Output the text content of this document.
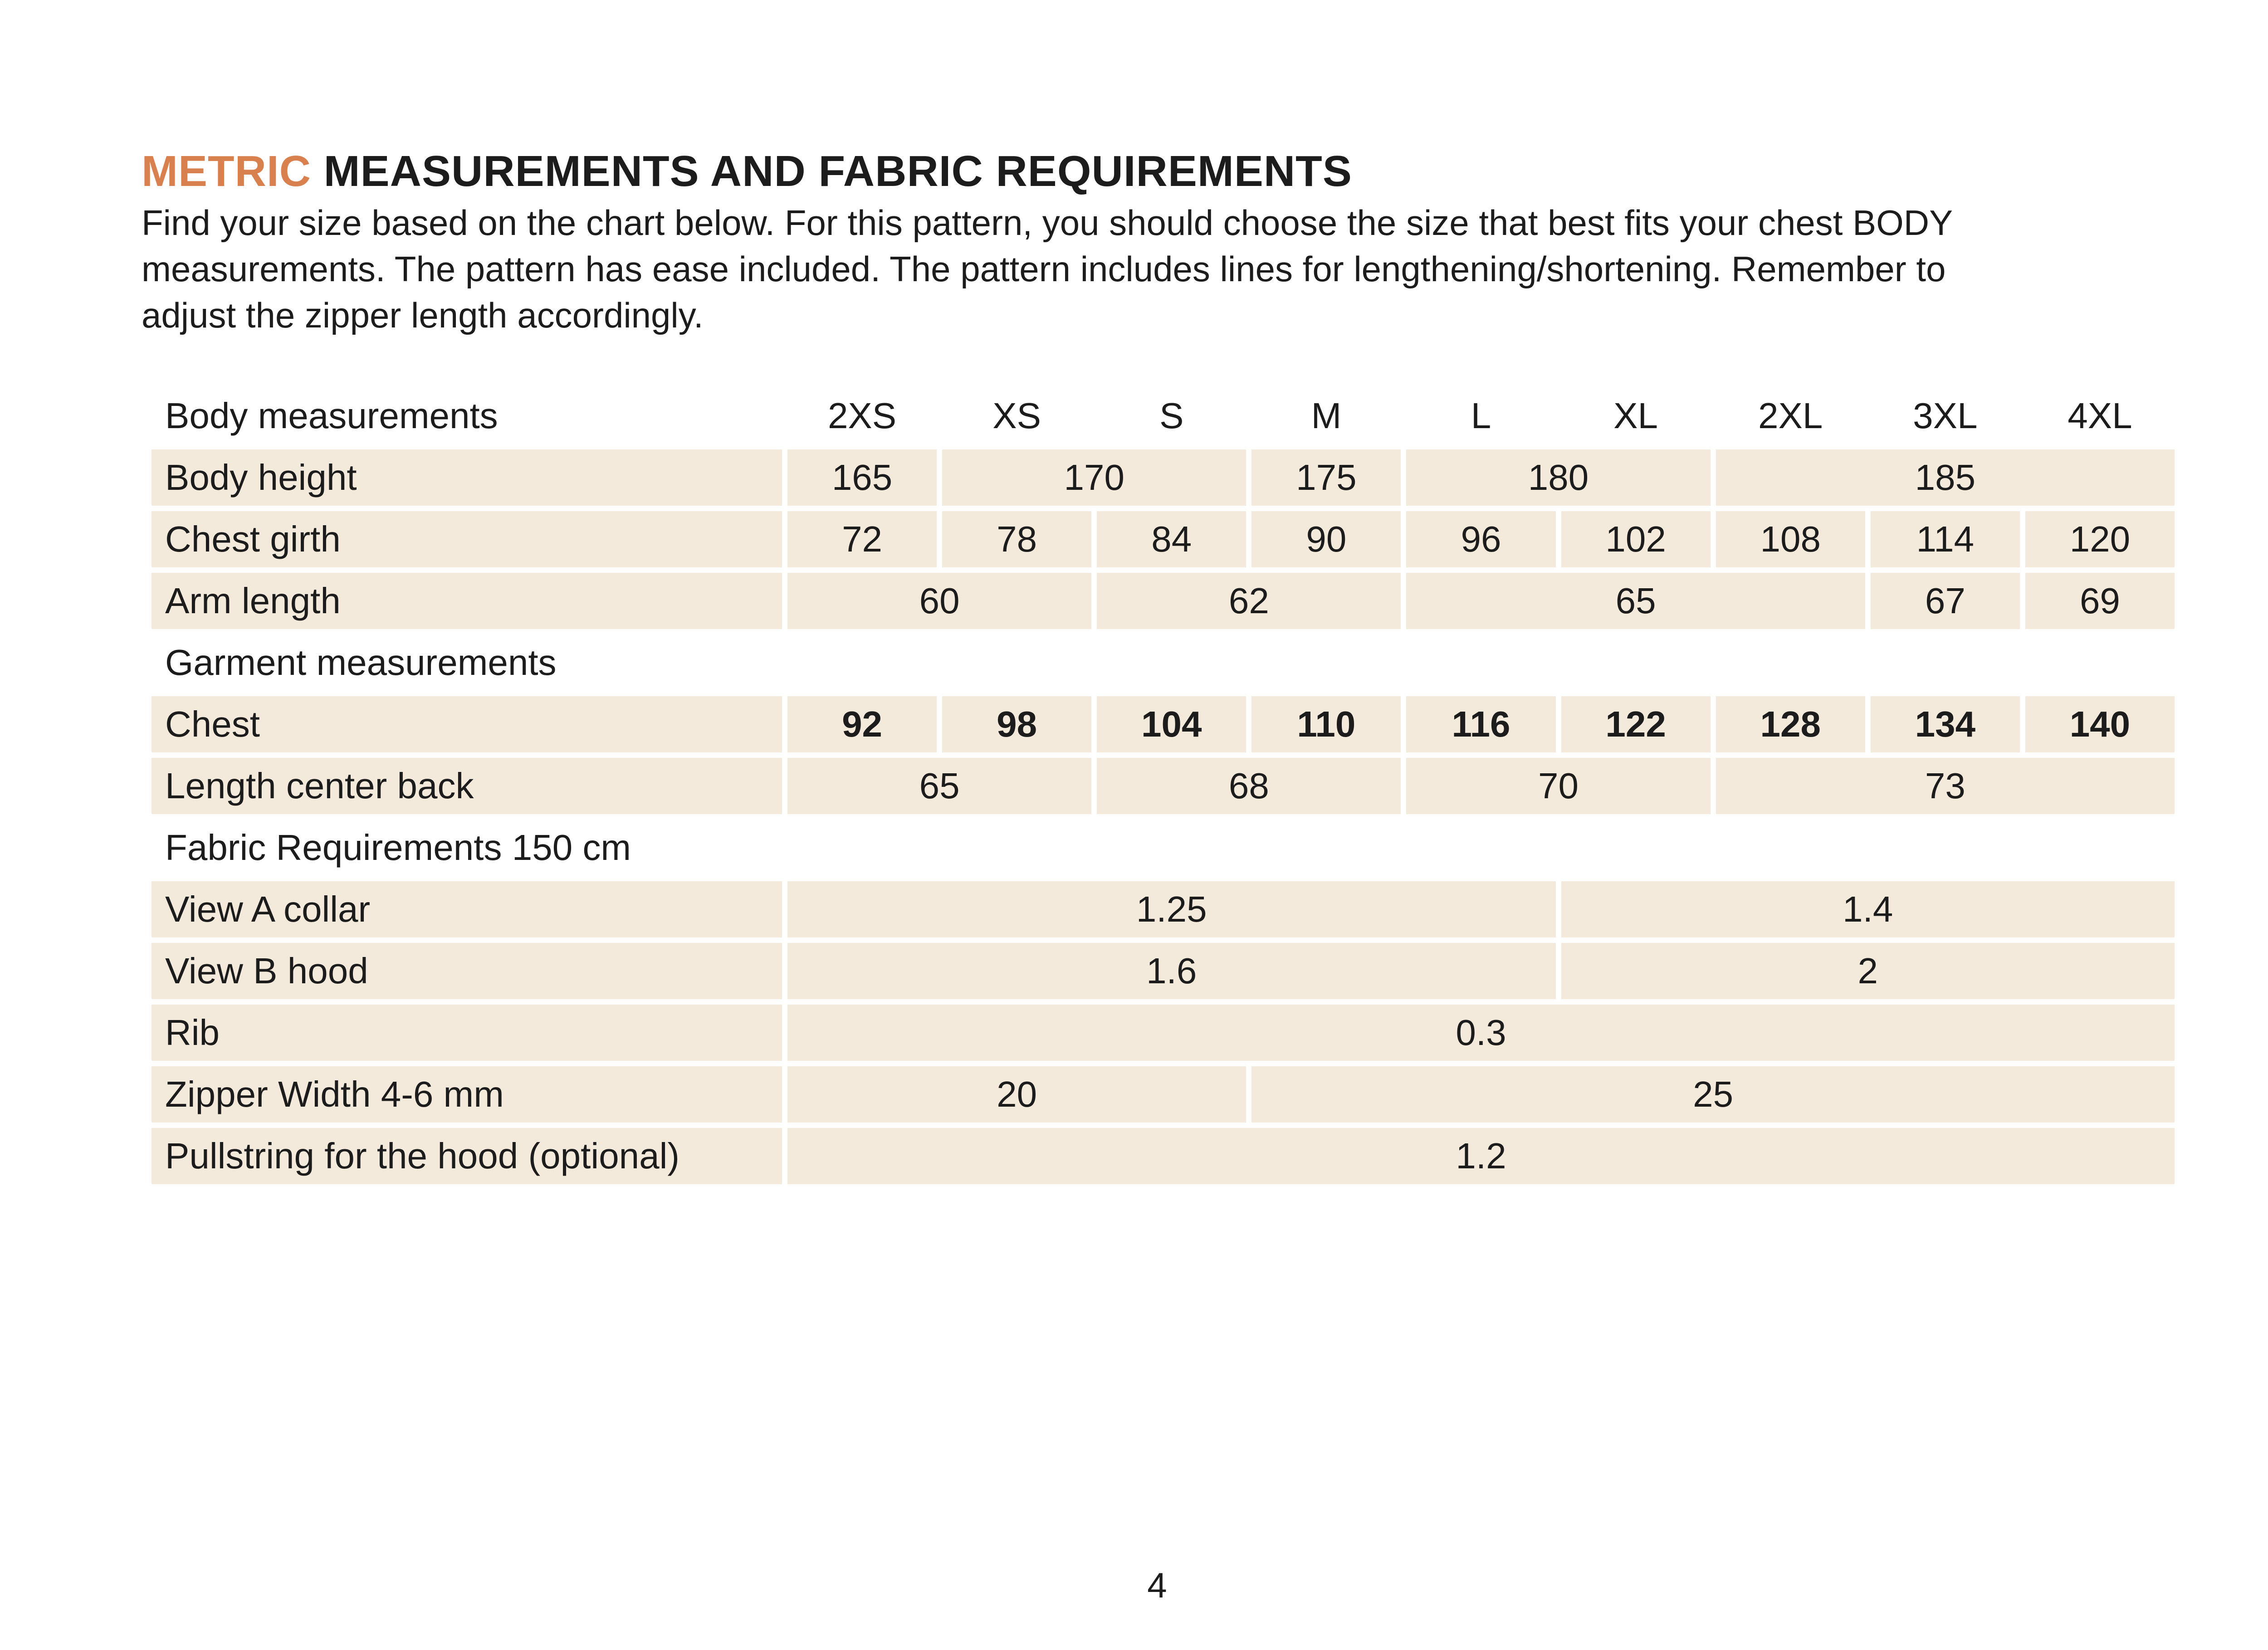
METRIC MEASUREMENTS AND FABRIC REQUIREMENTS

Find your size based on the chart below. For this pattern, you should choose the size that best fits your chest BODY
measurements. The pattern has ease included. The pattern includes lines for lengthening/shortening. Remember to
adjust the zipper length accordingly.

Body measurements	2XS	XS	S	M	L	XL	2XL	3XL	4XL
Body height	165	170		175	180		185		
Chest girth	72	78	84	90	96	102	108	114	120
Arm length	60		62		65			67	69
Garment measurements									
Chest	92	98	104	110	116	122	128	134	140
Length center back	65		68		70		73		
Fabric Requirements 150 cm									
View A collar	1.25					1.4			
View B hood	1.6					2			
Rib	0.3								
Zipper Width 4-6 mm	20			25					
Pullstring for the hood (optional)	1.2								
4
